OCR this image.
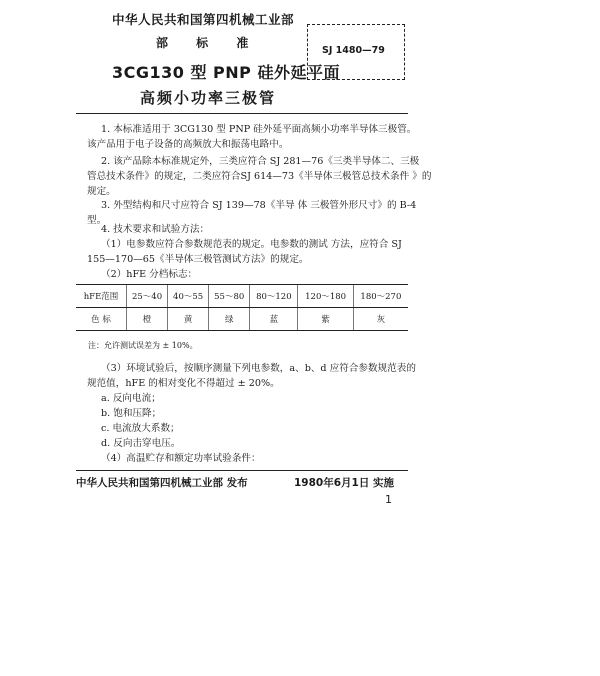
中华人民共和国第四机械工业部
部 标 准
3CG130 型 PNP 硅外延平面
高频小功率三极管
SJ 1480—79
1. 本标准适用于 3CG130 型 PNP 硅外延平面高频小功率半导体三极管。
该产品用于电子设备的高频放大和振荡电路中。
2. 该产品除本标准规定外，三类应符合 SJ 281—76《三类半导体二、三极
管总技术条件》的规定，二类应符合SJ 614—73《半导体三极管总技术条件 》的
规定。
3. 外型结构和尺寸应符合 SJ 139—78《半导 体 三极管外形尺寸》的 B-4
型。
4. 技术要求和试验方法：
（1）电参数应符合参数规范表的规定。电参数的测试 方法，应符合 SJ
155—170—65《半导体三极管测试方法》的规定。
（2）hFE 分档标志：
hFE范围	25～40	40～55	55～80	80～120	120～180	180～270
色 标	橙	黄	绿	蓝	紫	灰
注：允许测试误差为 ± 10%。
（3）环境试验后，按顺序测量下列电参数，a、b、d 应符合参数规范表的
规范值，hFE 的相对变化不得超过 ± 20%。
a. 反向电流；
b. 饱和压降；
c. 电流放大系数；
d. 反向击穿电压。
（4）高温贮存和额定功率试验条件：
中华人民共和国第四机械工业部 发布	1980年6月1日 实施
1
